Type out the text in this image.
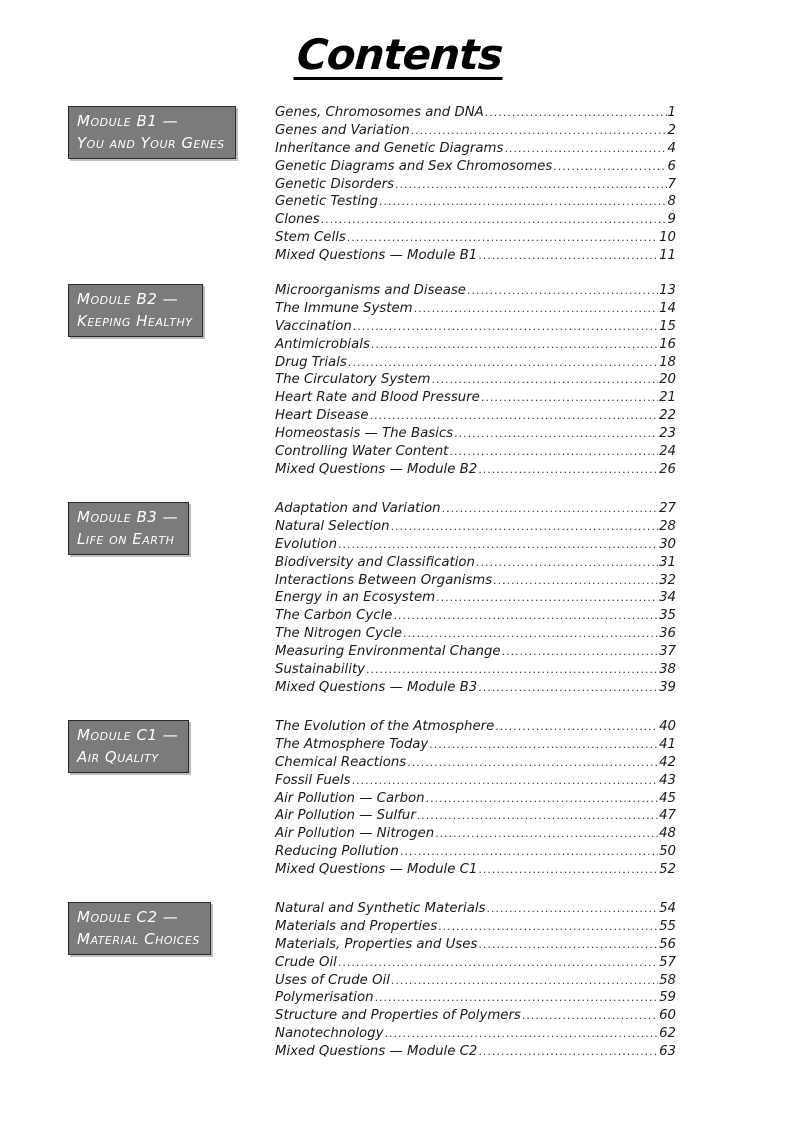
Contents
Module B1 —
You and Your Genes
Genes, Chromosomes and DNA .....	1
Genes and Variation .....	2
Inheritance and Genetic Diagrams .....	4
Genetic Diagrams and Sex Chromosomes .....	6
Genetic Disorders .....	7
Genetic Testing .....	8
Clones .....	9
Stem Cells .....	10
Mixed Questions — Module B1 .....	11
Module B2 —
Keeping Healthy
Microorganisms and Disease .....	13
The Immune System .....	14
Vaccination .....	15
Antimicrobials .....	16
Drug Trials .....	18
The Circulatory System .....	20
Heart Rate and Blood Pressure .....	21
Heart Disease .....	22
Homeostasis — The Basics .....	23
Controlling Water Content .....	24
Mixed Questions — Module B2 .....	26
Module B3 —
Life on Earth
Adaptation and Variation .....	27
Natural Selection .....	28
Evolution .....	30
Biodiversity and Classification .....	31
Interactions Between Organisms .....	32
Energy in an Ecosystem .....	34
The Carbon Cycle .....	35
The Nitrogen Cycle .....	36
Measuring Environmental Change .....	37
Sustainability .....	38
Mixed Questions — Module B3 .....	39
Module C1 —
Air Quality
The Evolution of the Atmosphere .....	40
The Atmosphere Today .....	41
Chemical Reactions .....	42
Fossil Fuels .....	43
Air Pollution — Carbon .....	45
Air Pollution — Sulfur .....	47
Air Pollution — Nitrogen .....	48
Reducing Pollution .....	50
Mixed Questions — Module C1 .....	52
Module C2 —
Material Choices
Natural and Synthetic Materials .....	54
Materials and Properties .....	55
Materials, Properties and Uses .....	56
Crude Oil .....	57
Uses of Crude Oil .....	58
Polymerisation .....	59
Structure and Properties of Polymers .....	60
Nanotechnology .....	62
Mixed Questions — Module C2 .....	63
